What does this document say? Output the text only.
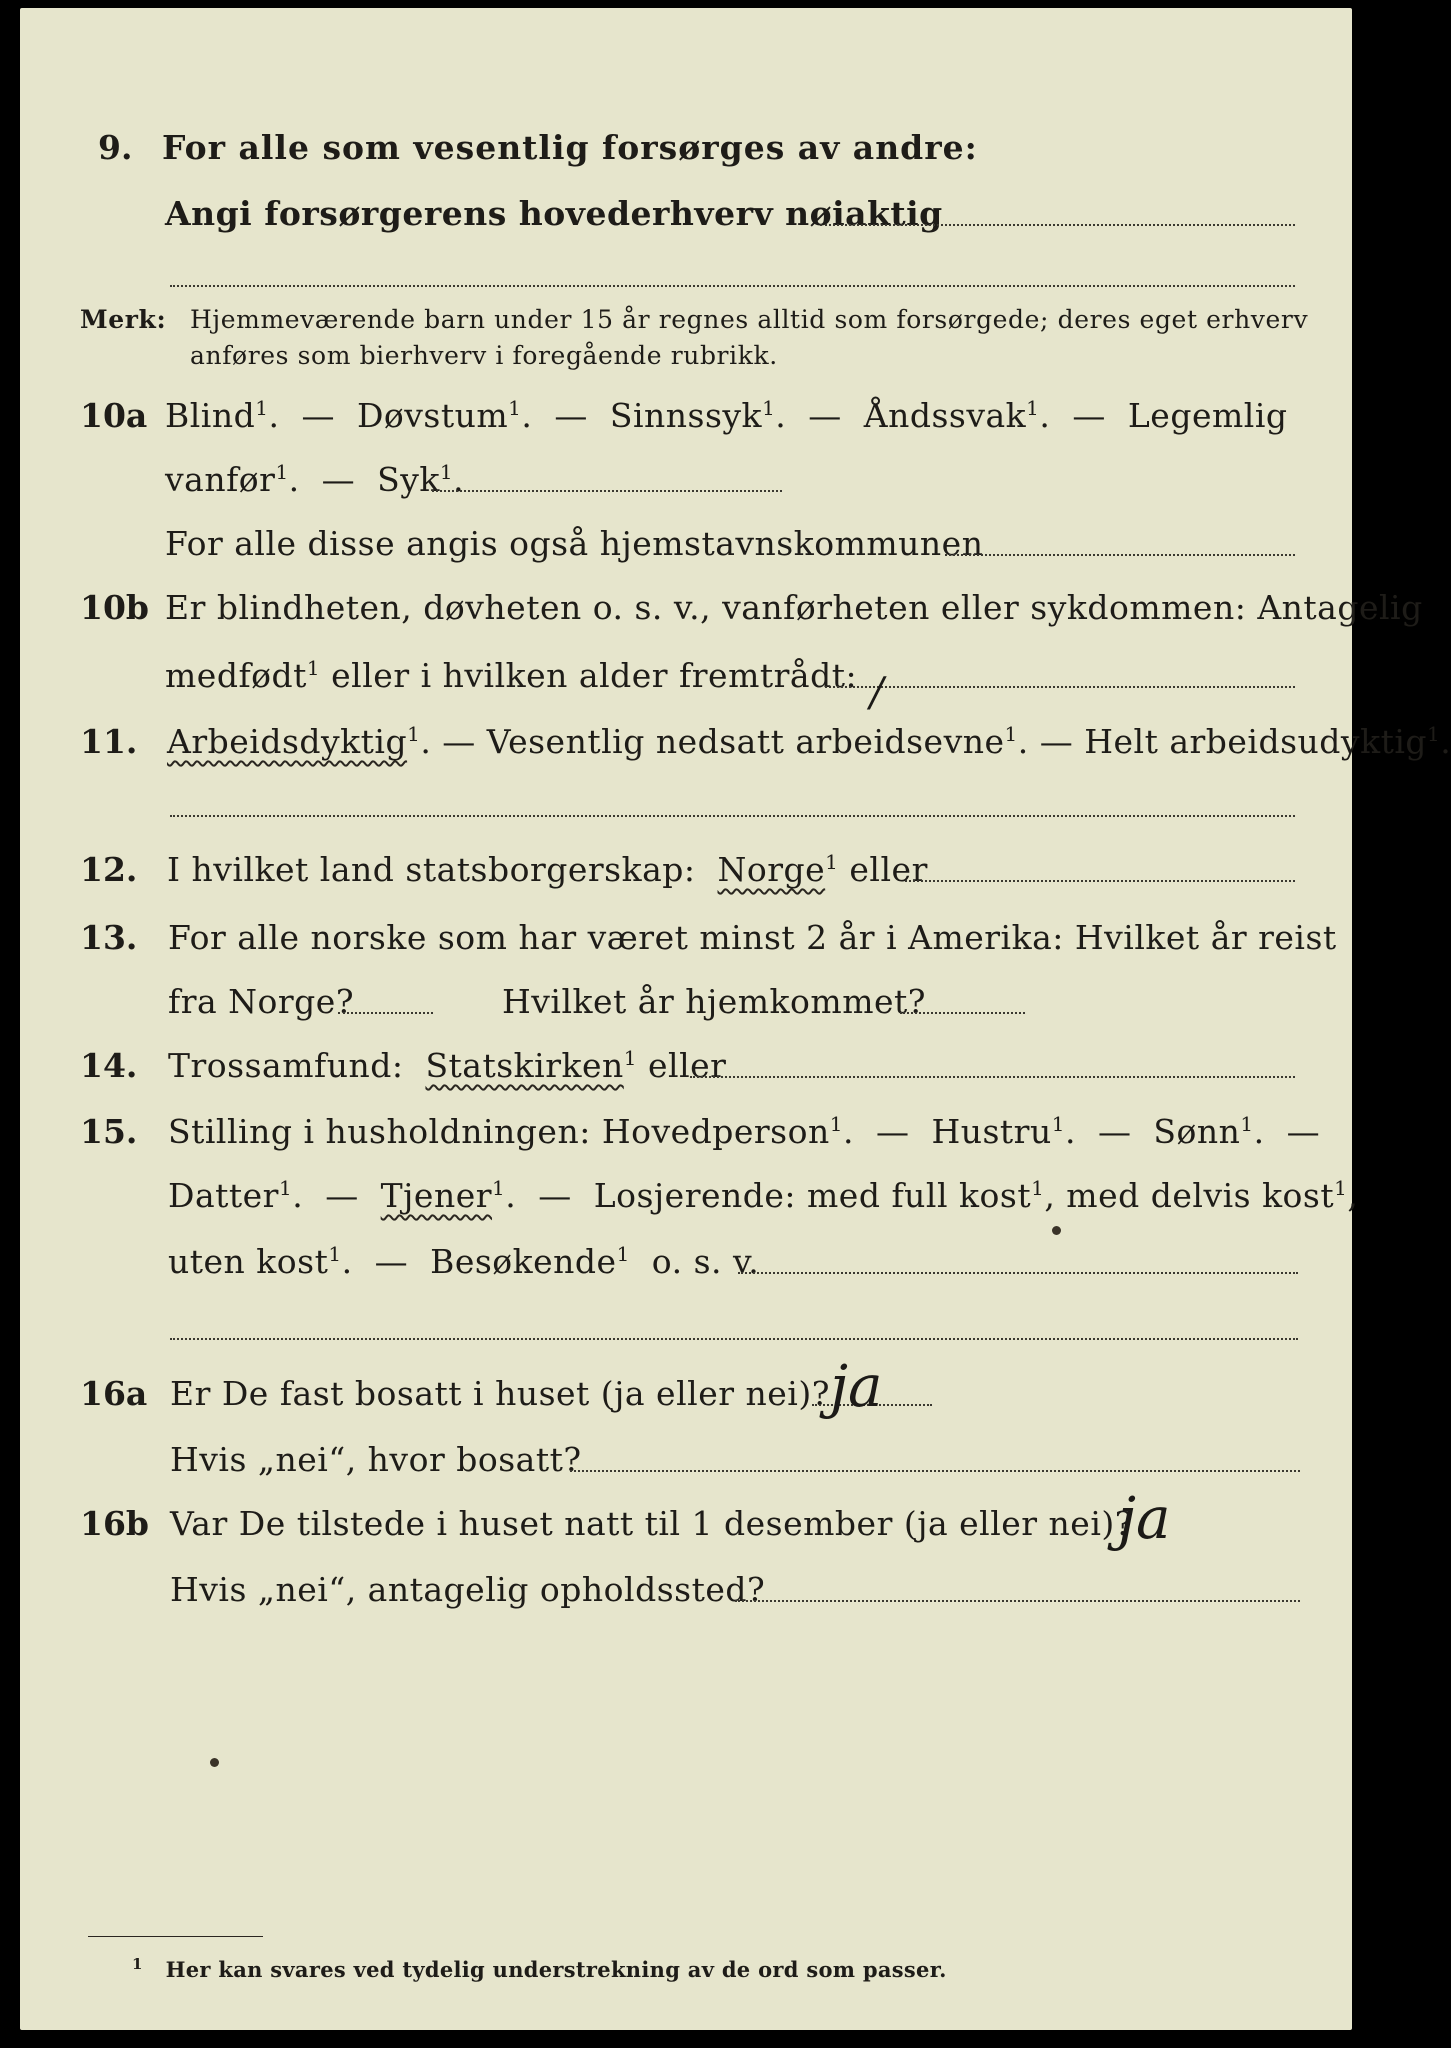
9. For alle som vesentlig forsørges av andre:
Angi forsørgerens hovederhverv nøiaktig
Merk: Hjemmeværende barn under 15 år regnes alltid som forsørgede; deres eget erhverv
anføres som bierhverv i foregående rubrikk.
10a Blind$^1$.  — Døvstum$^1$.  — Sinnssyk$^1$.  — Åndssvak$^1$.  — Legemlig
vanfør$^1$.  — Syk$^1$.
For alle disse angis også hjemstavnskommunen
10b Er blindheten, døvheten o. s. v., vanførheten eller sykdommen: Antagelig
medfødt$^1$ eller i hvilken alder fremtrådt: /
11. Arbeidsdyktig$^1$. — Vesentlig nedsatt arbeidsevne$^1$. — Helt arbeidsudyktig$^1$.
12. I hvilket land statsborgerskap: Norge$^1$ eller
13. For alle norske som har været minst 2 år i Amerika: Hvilket år reist
fra Norge?	Hvilket år hjemkommet?
14. Trossamfund: Statskirken$^1$ eller
15. Stilling i husholdningen: Hovedperson$^1$.  — Hustru$^1$.  — Sønn$^1$.  —
Datter$^1$.  — Tjener$^1$.  — Losjerende: med full kost$^1$, med delvis kost$^1$,
uten kost$^1$.  — Besøkende$^1$ o. s. v.
16a Er De fast bosatt i huset (ja eller nei)? ja
Hvis „nei“, hvor bosatt?
16b Var De tilstede i huset natt til 1 desember (ja eller nei)?
ja
Hvis „nei“, antagelig opholdssted?
$^1$ Her kan svares ved tydelig understrekning av de ord som passer.
